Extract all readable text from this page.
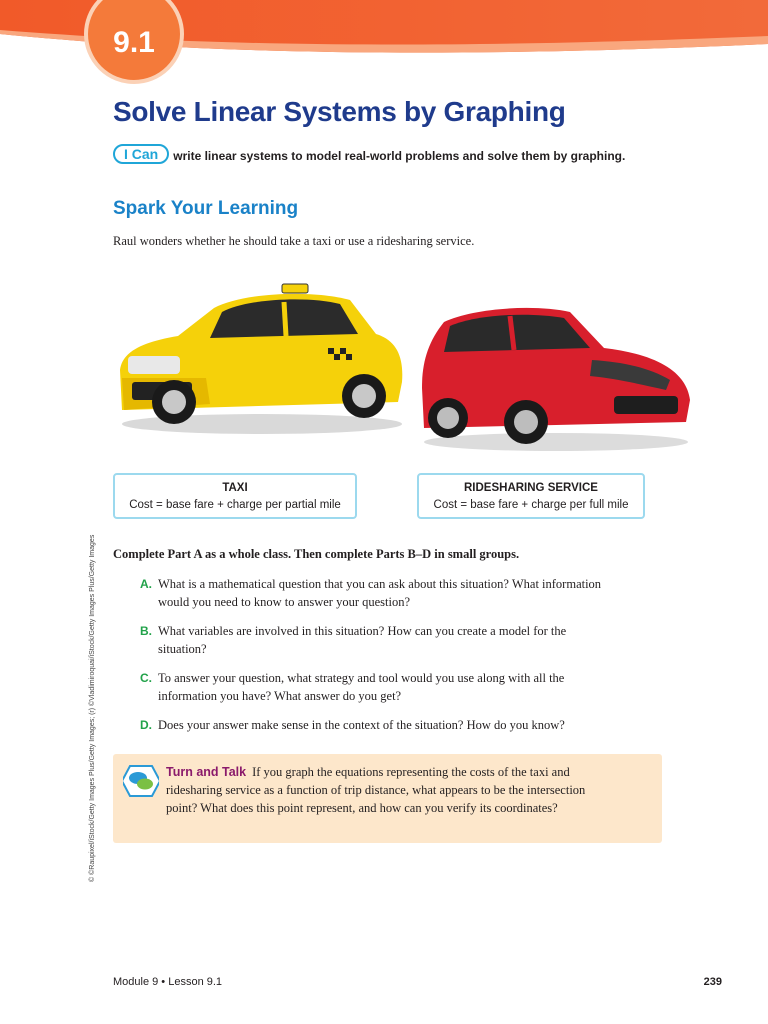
9.1
Solve Linear Systems by Graphing
I Can write linear systems to model real-world problems and solve them by graphing.
Spark Your Learning

Raul wonders whether he should take a taxi or use a ridesharing service.

TAXI
Cost = base fare + charge per partial mile
RIDESHARING SERVICE
Cost = base fare + charge per full mile

Complete Part A as a whole class. Then complete Parts B–D in small groups.

A. What is a mathematical question that you can ask about this situation? What information would you need to know to answer your question?
B. What variables are involved in this situation? How can you create a model for the situation?
C. To answer your question, what strategy and tool would you use along with all the information you have? What answer do you get?
D. Does your answer make sense in the context of the situation? How do you know?
Turn and Talk If you graph the equations representing the costs of the taxi and ridesharing service as a function of trip distance, what appears to be the intersection point? What does this point represent, and how can you verify its coordinates?
© ©Raupixel/iStock/Getty Images Plus/Getty Images; (r) ©Vladimiroquai/iStock/Getty Images Plus/Getty Images
Module 9 • Lesson 9.1	239
